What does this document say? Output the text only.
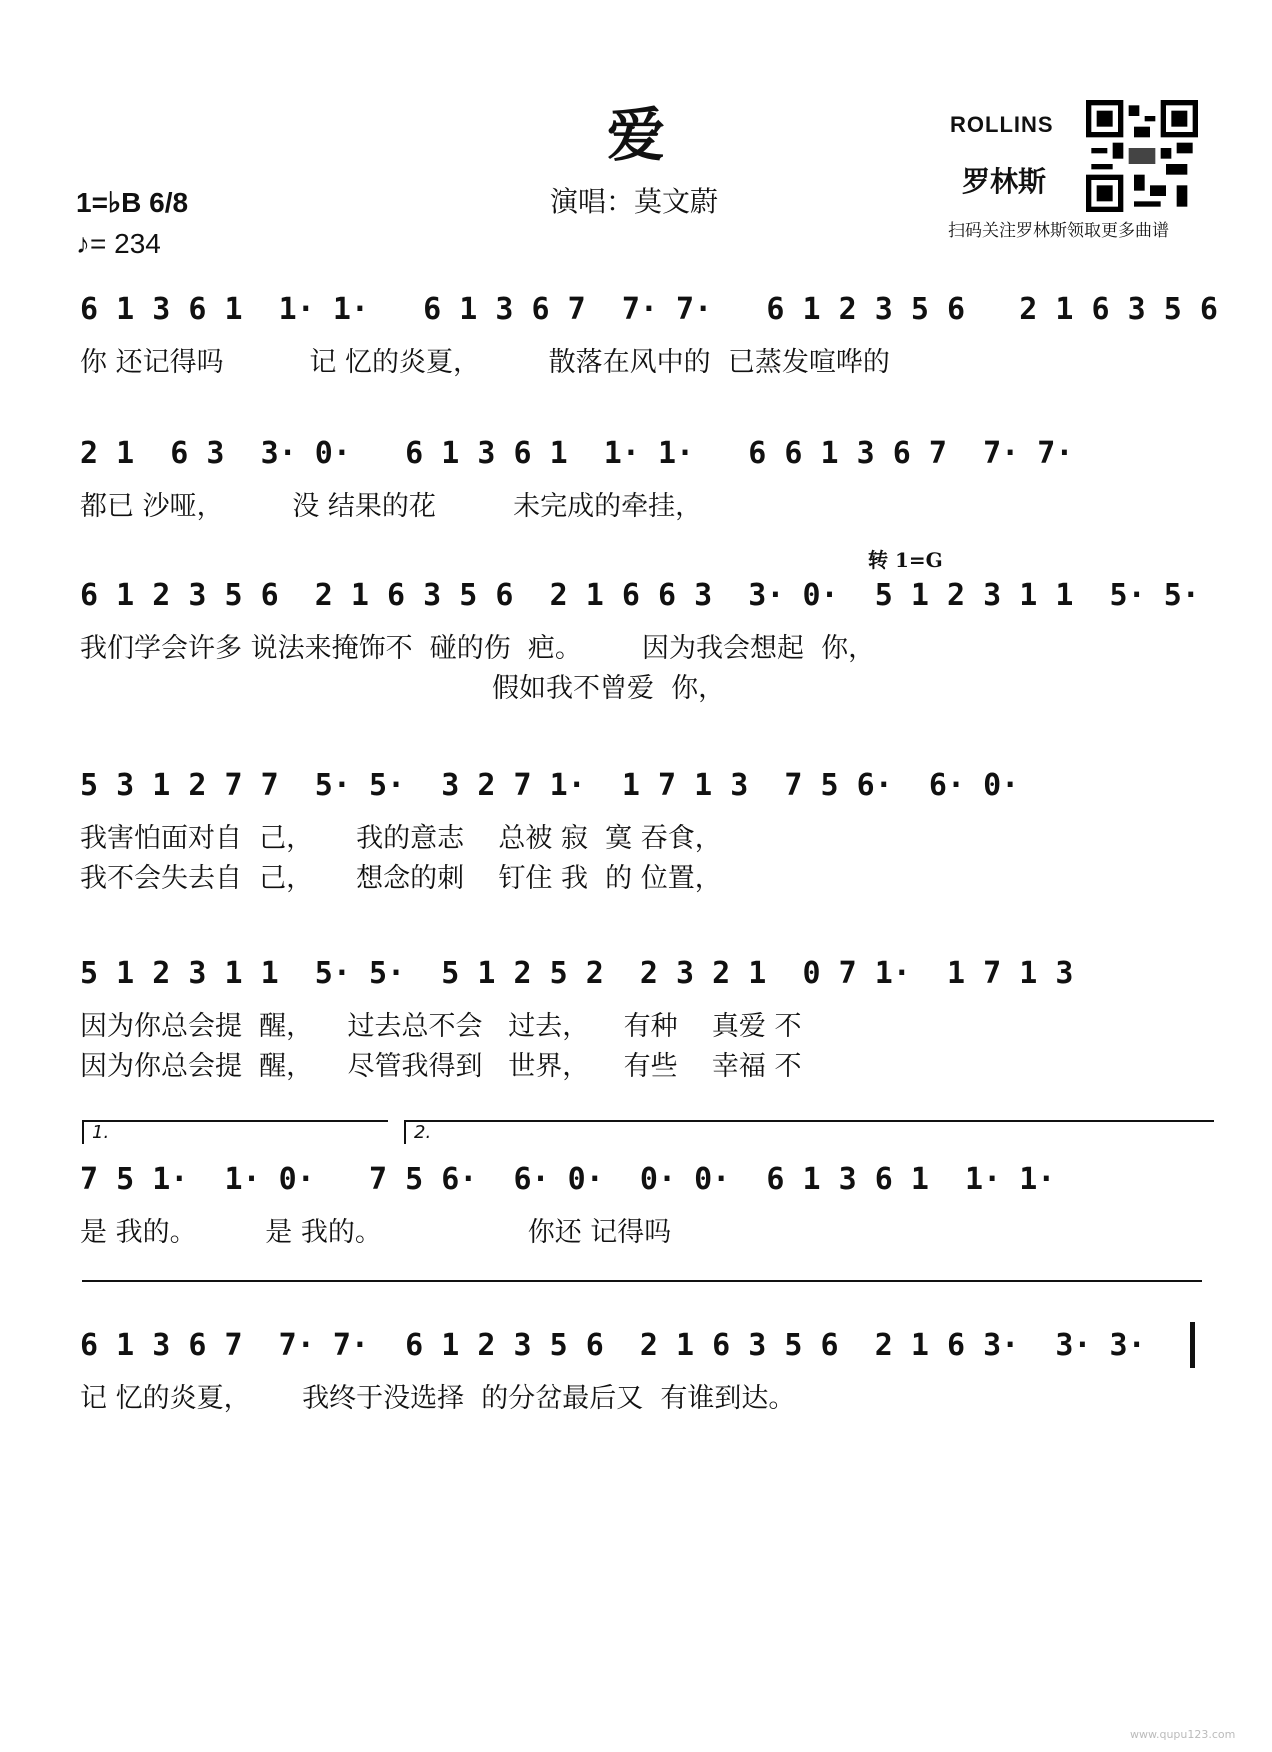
爱
演唱：莫文蔚
1=♭B 6/8
♪= 234
ROLLINS
罗林斯
扫码关注罗林斯领取更多曲谱
6 1 3 6 1  1· 1·   6 1 3 6 7  7· 7·   6 1 2 3 5 6   2 1 6 3 5 6
你 还记得吗          记 忆的炎夏，        散落在风中的  已蒸发喧哗的
2 1  6 3  3· 0·   6 1 3 6 1  1· 1·   6 6 1 3 6 7  7· 7·
都已 沙哑，        没 结果的花         未完成的牵挂，
转 1=G
6 1 2 3 5 6  2 1 6 3 5 6  2 1 6 6 3  3· 0·  5 1 2 3 1 1  5· 5·
我们学会许多 说法来掩饰不  碰的伤  疤。       因为我会想起  你，
假如我不曾爱  你，
5 3 1 2 7 7  5· 5·  3 2 7 1·  1 7 1 3  7 5 6·  6· 0·
我害怕面对自  己，     我的意志    总被 寂  寞 吞食，
我不会失去自  己，     想念的刺    钉住 我  的 位置，
5 1 2 3 1 1  5· 5·  5 1 2 5 2  2 3 2 1  0 7 1·  1 7 1 3
因为你总会提  醒，    过去总不会   过去，    有种    真爱 不
因为你总会提  醒，    尽管我得到   世界，    有些    幸福 不
1.	2.
7 5 1·  1· 0·   7 5 6·  6· 0·  0· 0·  6 1 3 6 1  1· 1·
是 我的。        是 我的。                 你还 记得吗
6 1 3 6 7  7· 7·  6 1 2 3 5 6  2 1 6 3 5 6  2 1 6 3·  3· 3·
记 忆的炎夏，      我终于没选择  的分岔最后又  有谁到达。
www.qupu123.com
